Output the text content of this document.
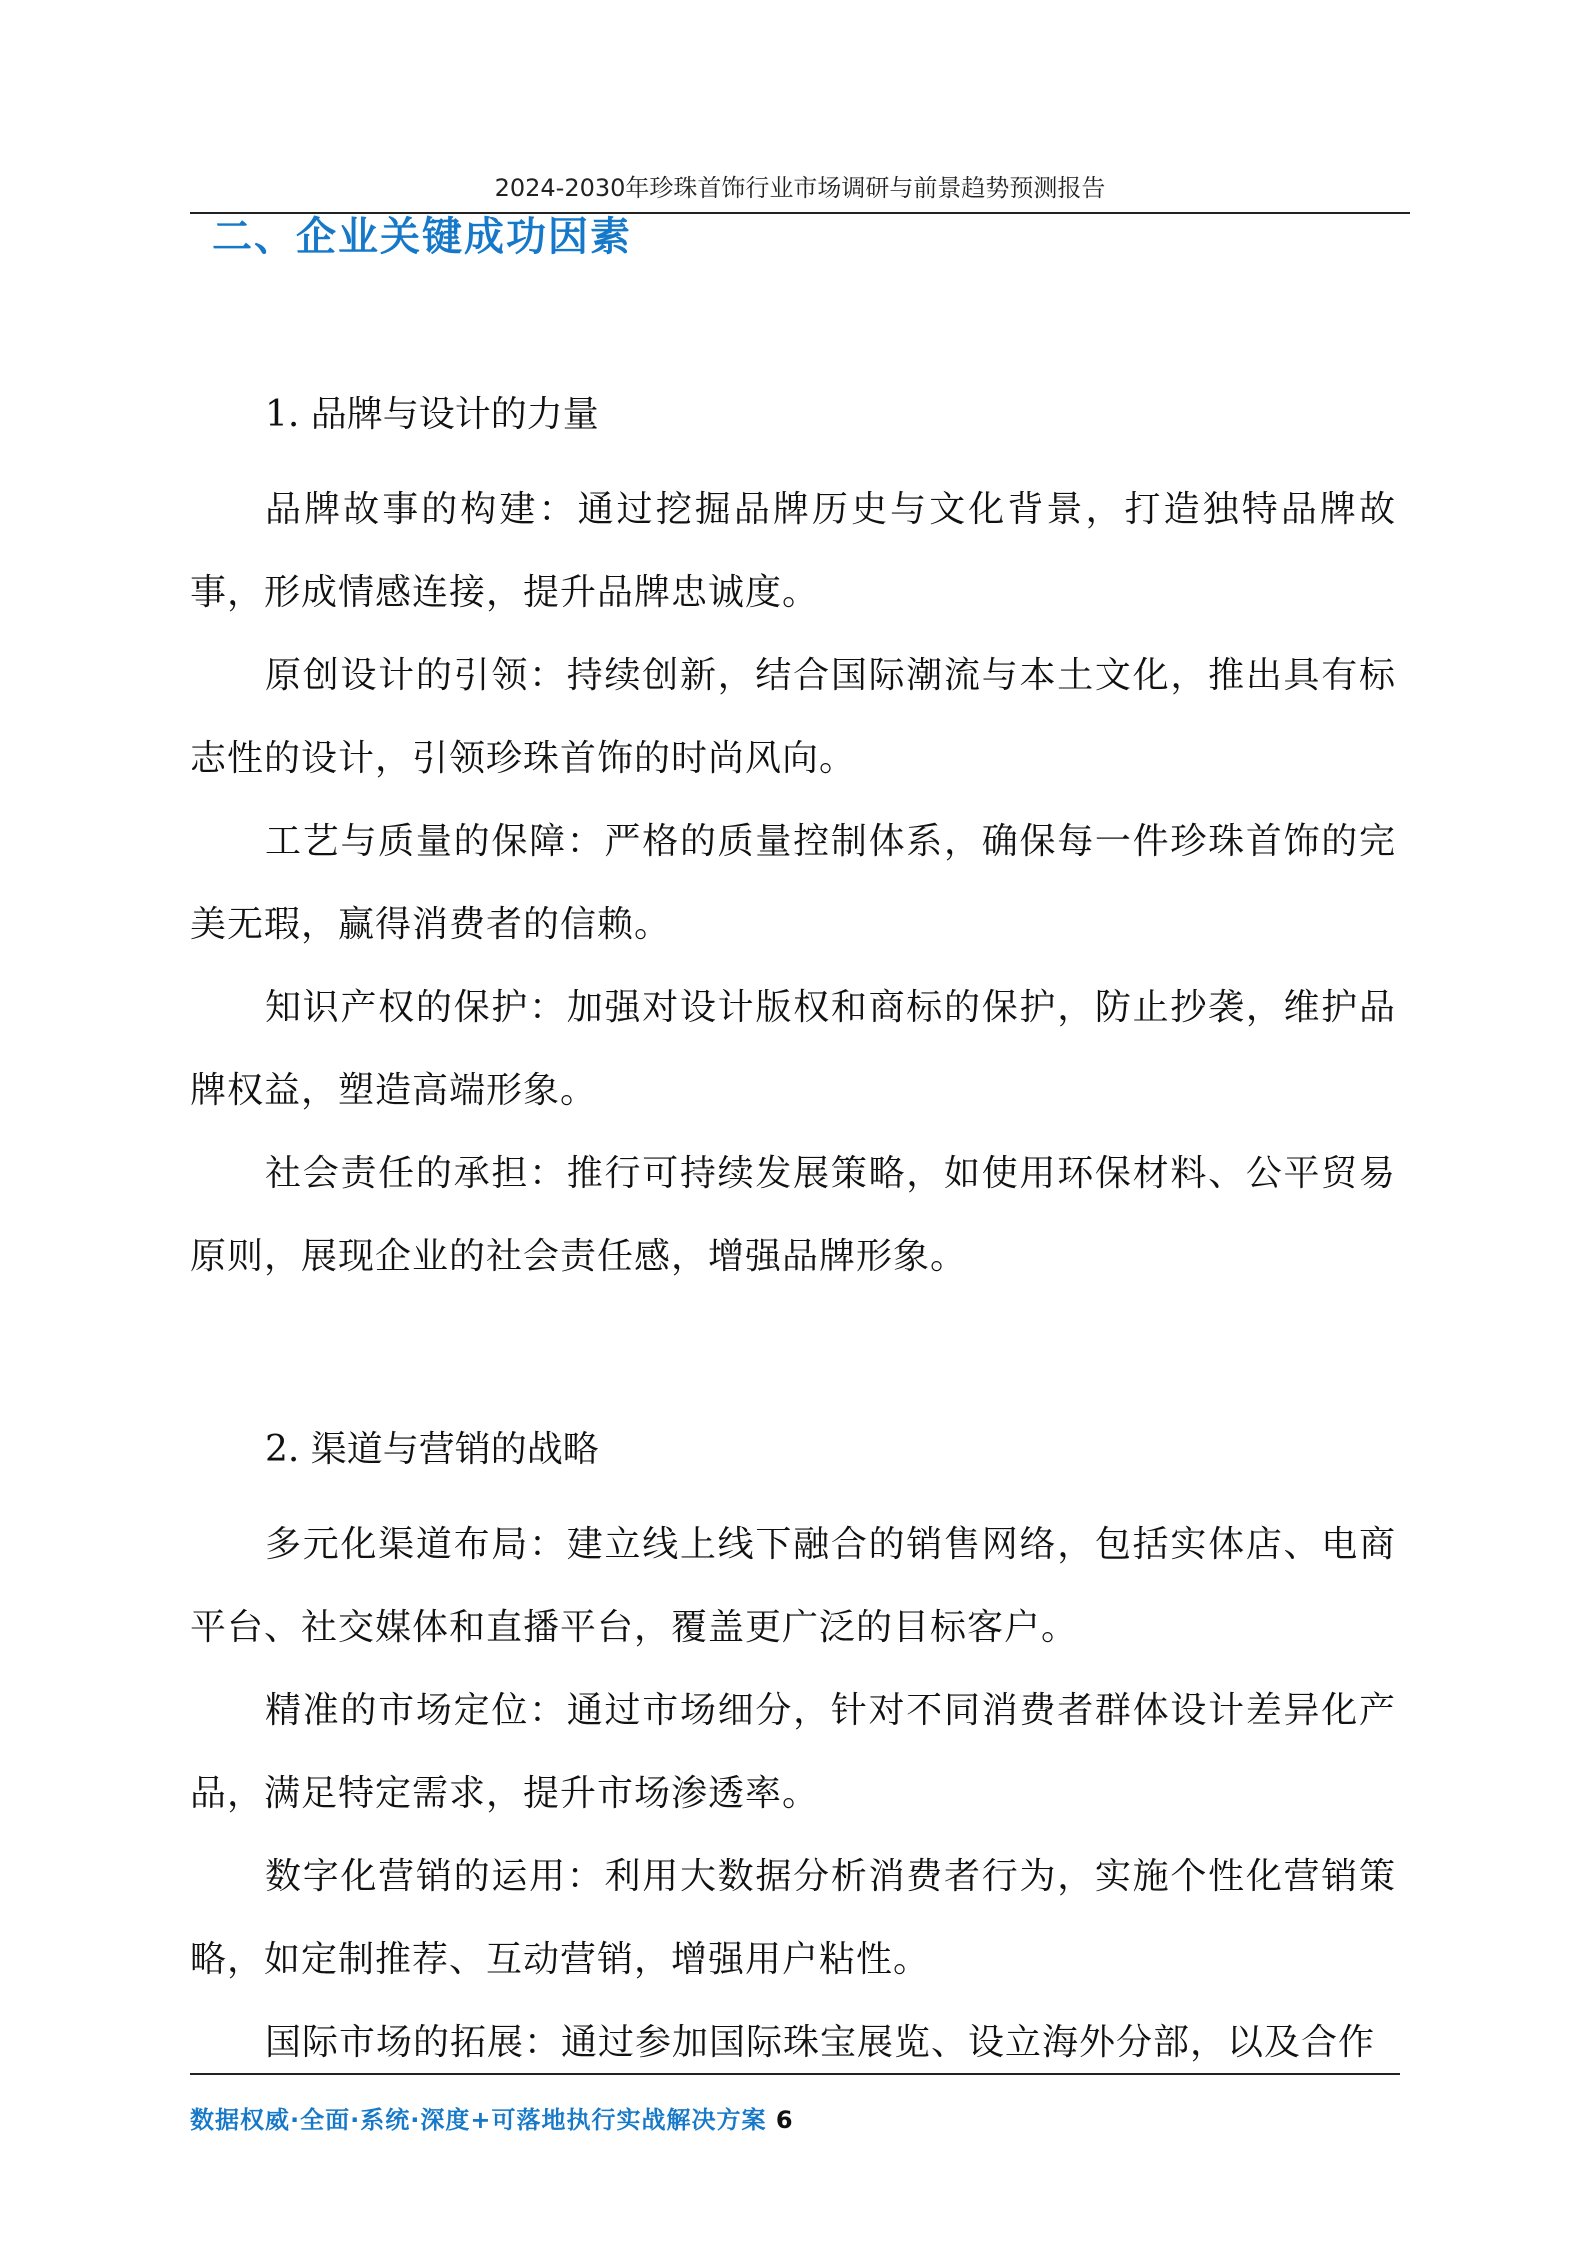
2024-2030年珍珠首饰行业市场调研与前景趋势预测报告
二、企业关键成功因素
1. 品牌与设计的力量

品牌故事的构建：通过挖掘品牌历史与文化背景，打造独特品牌故事，形成情感连接，提升品牌忠诚度。

原创设计的引领：持续创新，结合国际潮流与本土文化，推出具有标志性的设计，引领珍珠首饰的时尚风向。

工艺与质量的保障：严格的质量控制体系，确保每一件珍珠首饰的完美无瑕，赢得消费者的信赖。

知识产权的保护：加强对设计版权和商标的保护，防止抄袭，维护品牌权益，塑造高端形象。

社会责任的承担：推行可持续发展策略，如使用环保材料、公平贸易原则，展现企业的社会责任感，增强品牌形象。

2. 渠道与营销的战略

多元化渠道布局：建立线上线下融合的销售网络，包括实体店、电商平台、社交媒体和直播平台，覆盖更广泛的目标客户。

精准的市场定位：通过市场细分，针对不同消费者群体设计差异化产品，满足特定需求，提升市场渗透率。

数字化营销的运用：利用大数据分析消费者行为，实施个性化营销策略，如定制推荐、互动营销，增强用户粘性。

国际市场的拓展：通过参加国际珠宝展览、设立海外分部，以及合作

数据权威·全面·系统·深度+可落地执行实战解决方案 6
